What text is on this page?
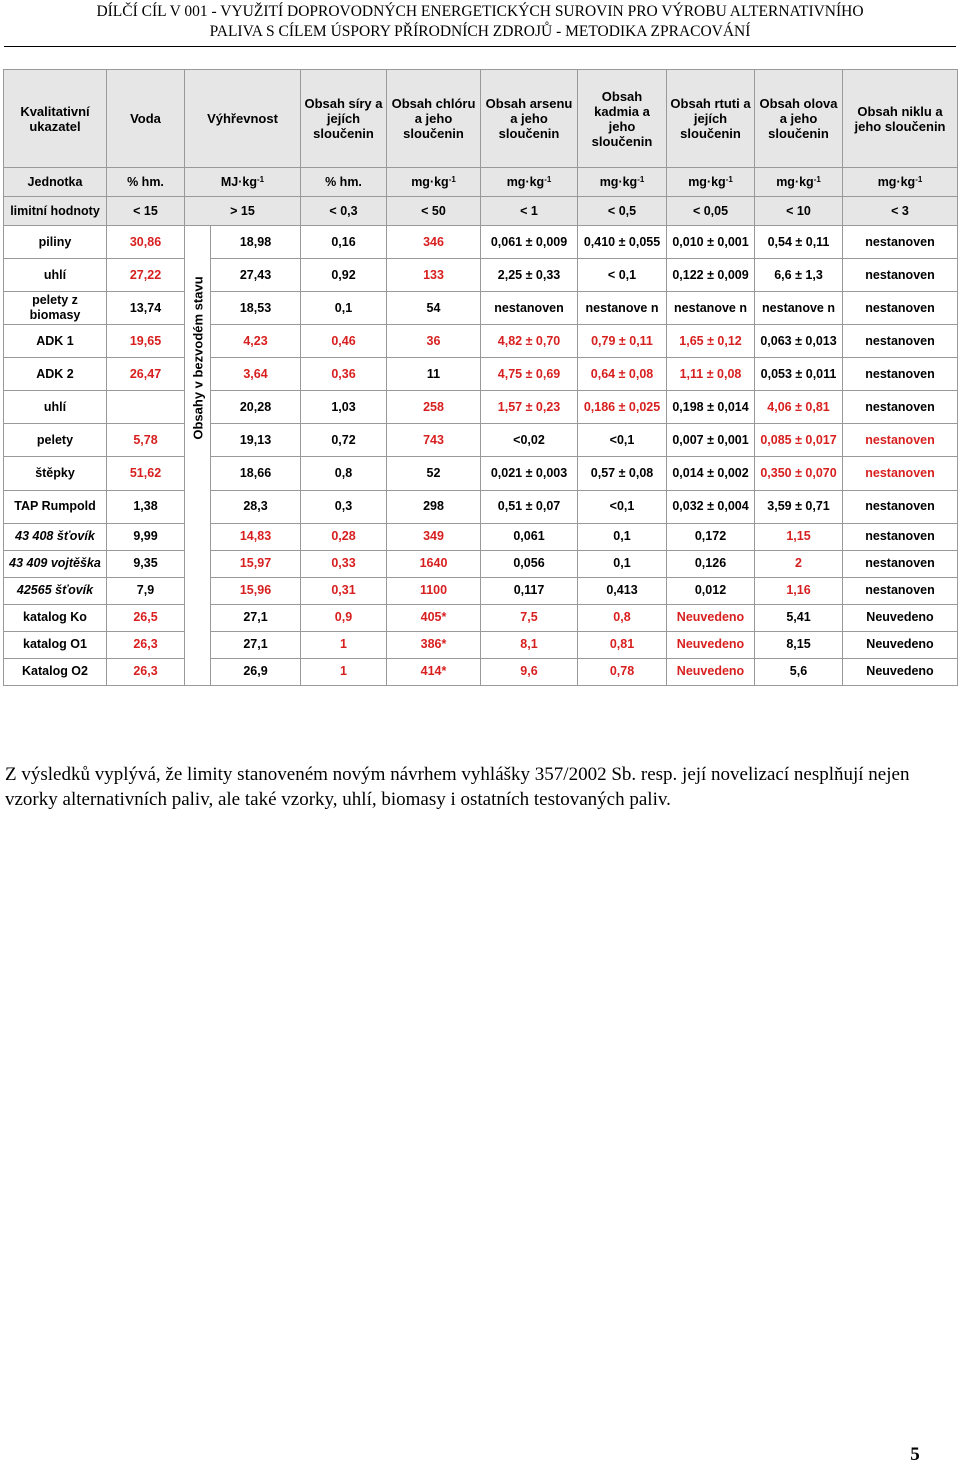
DÍLČÍ CÍL V 001 - VYUŽITÍ DOPROVODNÝCH ENERGETICKÝCH SUROVIN PRO VÝROBU ALTERNATIVNÍHO
PALIVA S CÍLEM ÚSPORY PŘÍRODNÍCH ZDROJŮ - METODIKA ZPRACOVÁNÍ
Kvalitativní ukazatel	Voda	Výhřevnost		Obsah síry a jejích sloučenin	Obsah chlóru a jeho sloučenin	Obsah arsenu a jeho sloučenin	Obsah kadmia a jeho sloučenin	Obsah rtuti a jejích sloučenin	Obsah olova a jeho sloučenin	Obsah niklu a jeho sloučenin
Jednotka	% hm.	$MJ\cdot kg^{-1}$		% hm.	$mg\cdot kg^{-1}$	$mg\cdot kg^{-1}$	$mg\cdot kg^{-1}$	$mg\cdot kg^{-1}$	$mg\cdot kg^{-1}$	$mg\cdot kg^{-1}$
limitní hodnoty	< 15	> 15		< 0,3	< 50	< 1	< 0,5	< 0,05	< 10	< 3
piliny	30,86	Obsahy v bezvodém stavu	18,98	0,16	346	0,061 ± 0,009	0,410 ± 0,055	0,010 ± 0,001	0,54 ± 0,11	nestanoven
uhlí	27,22		27,43	0,92	133	2,25 ± 0,33	< 0,1	0,122 ± 0,009	6,6 ± 1,3	nestanoven
pelety z biomasy	13,74		18,53	0,1	54	nestanoven	nestanove n	nestanove n	nestanove n	nestanoven
ADK 1	19,65		4,23	0,46	36	4,82 ± 0,70	0,79 ± 0,11	1,65 ± 0,12	0,063 ± 0,013	nestanoven
ADK 2	26,47		3,64	0,36	11	4,75 ± 0,69	0,64 ± 0,08	1,11 ± 0,08	0,053 ± 0,011	nestanoven
uhlí			20,28	1,03	258	1,57 ± 0,23	0,186 ± 0,025	0,198 ± 0,014	4,06 ± 0,81	nestanoven
pelety	5,78		19,13	0,72	743	<0,02	<0,1	0,007 ± 0,001	0,085 ± 0,017	nestanoven
štěpky	51,62		18,66	0,8	52	0,021 ± 0,003	0,57 ± 0,08	0,014 ± 0,002	0,350 ± 0,070	nestanoven
TAP Rumpold	1,38		28,3	0,3	298	0,51 ± 0,07	<0,1	0,032 ± 0,004	3,59 ± 0,71	nestanoven
43 408 šťovík	9,99		14,83	0,28	349	0,061	0,1	0,172	1,15	nestanoven
43 409 vojtěška	9,35		15,97	0,33	1640	0,056	0,1	0,126	2	nestanoven
42565 šťovík	7,9		15,96	0,31	1100	0,117	0,413	0,012	1,16	nestanoven
katalog Ko	26,5		27,1	0,9	405*	7,5	0,8	Neuvedeno	5,41	Neuvedeno
katalog O1	26,3		27,1	1	386*	8,1	0,81	Neuvedeno	8,15	Neuvedeno
Katalog O2	26,3		26,9	1	414*	9,6	0,78	Neuvedeno	5,6	Neuvedeno
Z výsledků vyplývá, že limity stanoveném novým návrhem vyhlášky 357/2002 Sb. resp. její novelizací nesplňují nejen vzorky alternativních paliv, ale také vzorky, uhlí, biomasy i ostatních testovaných paliv.
5
